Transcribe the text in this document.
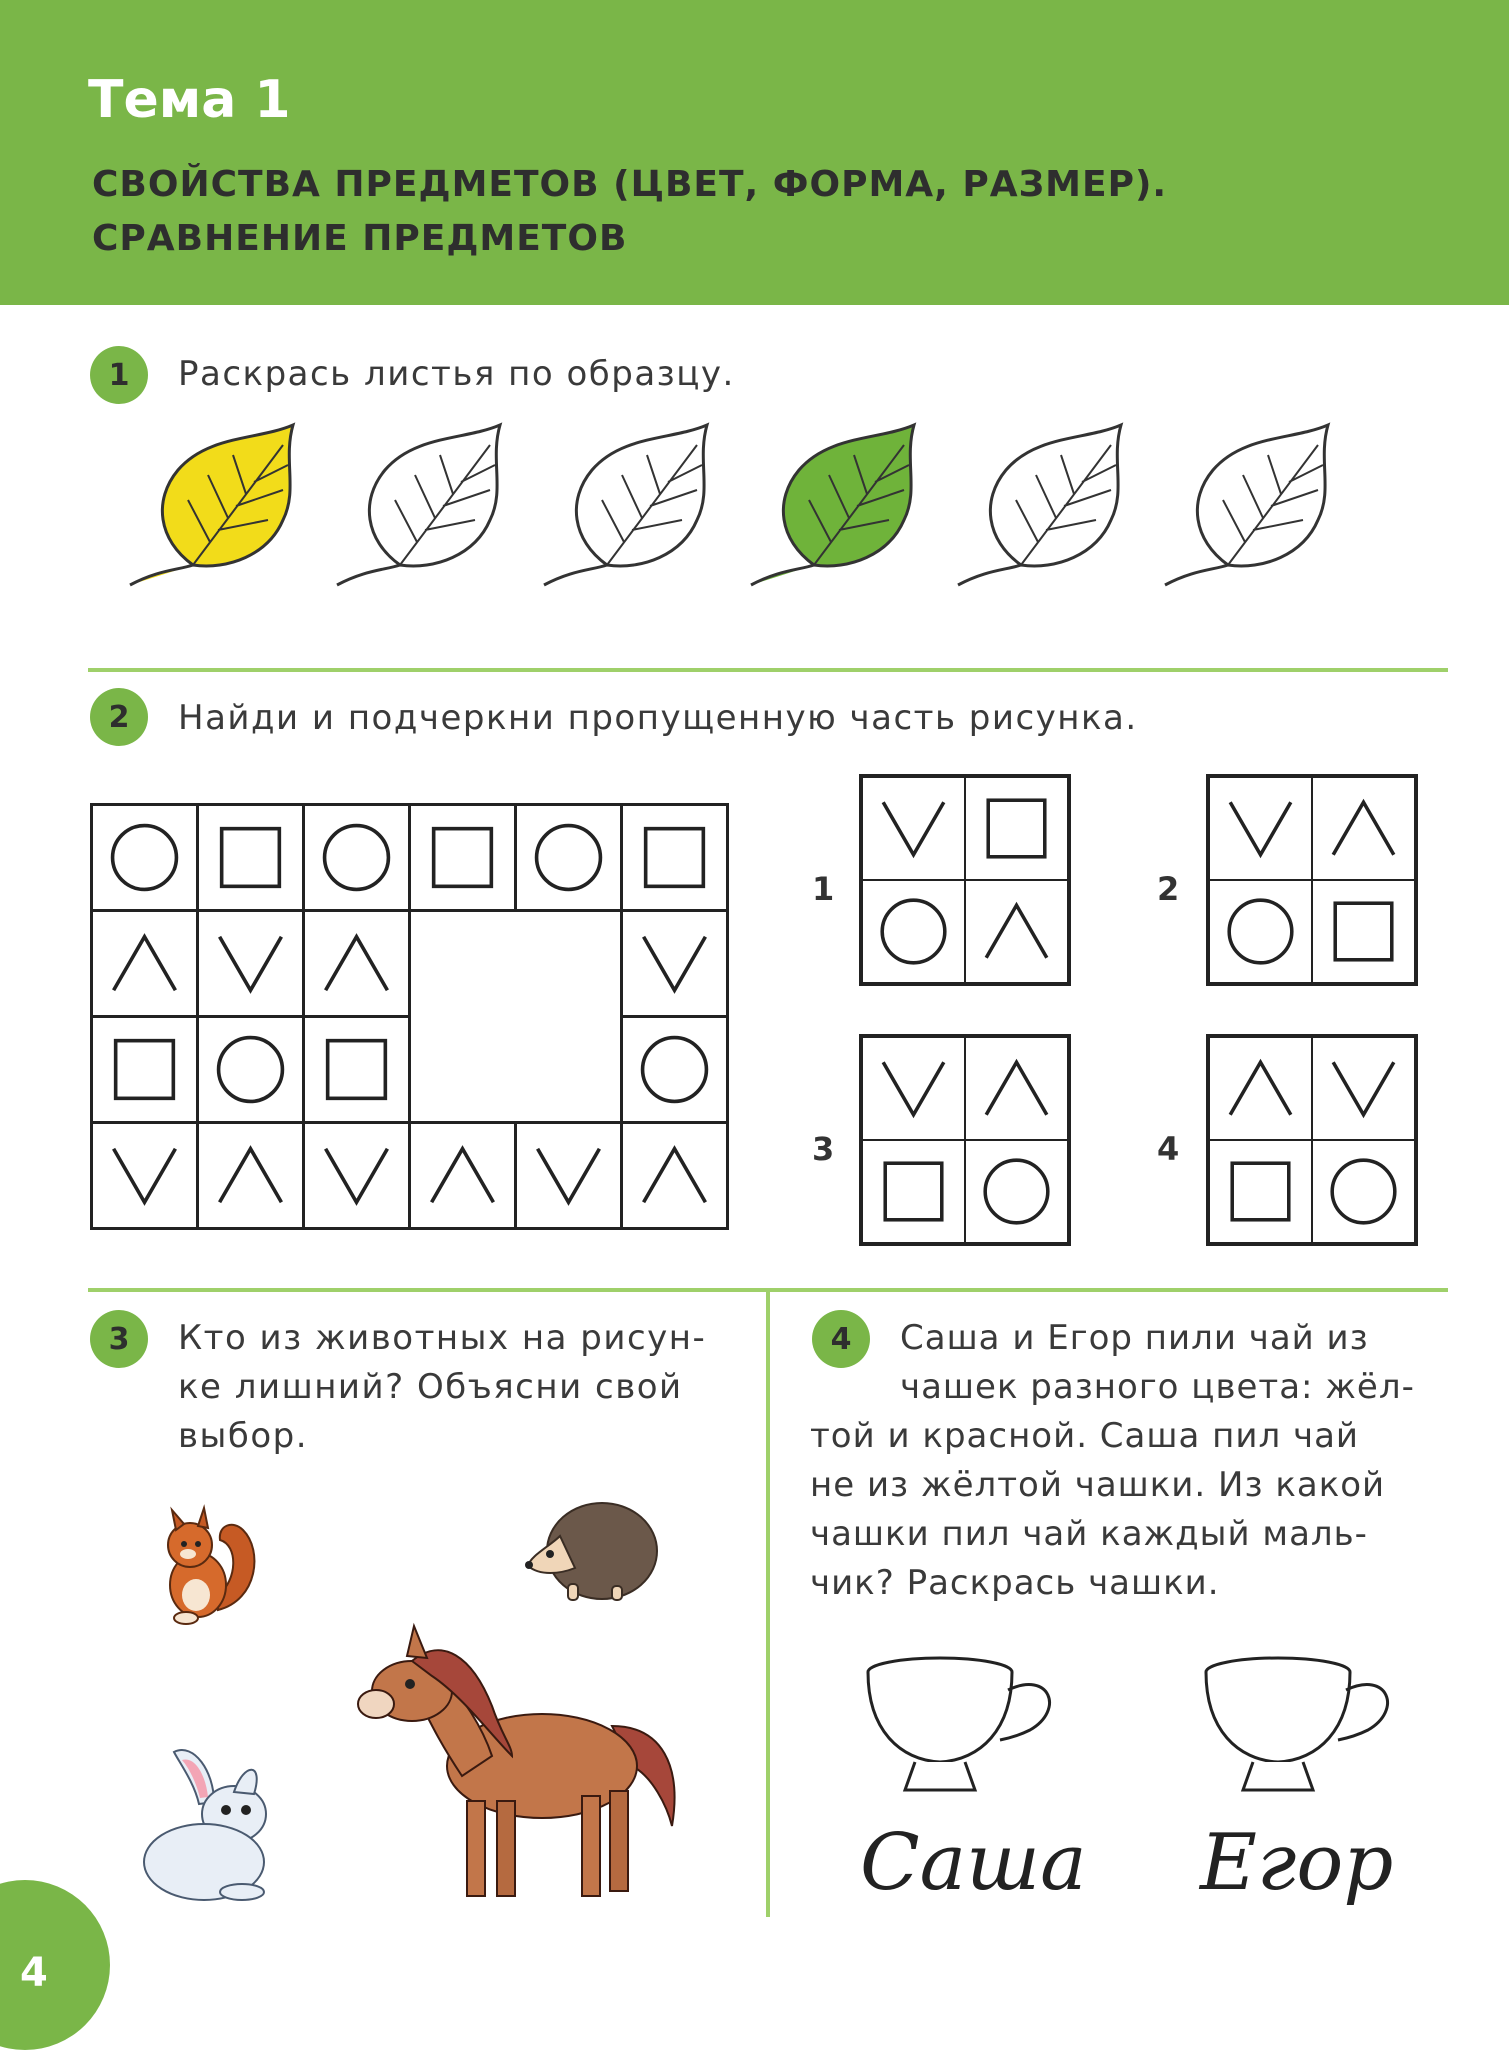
Тема 1
СВОЙСТВА ПРЕДМЕТОВ (ЦВЕТ, ФОРМА, РАЗМЕР).
СРАВНЕНИЕ ПРЕДМЕТОВ
1	Раскрась листья по образцу.
2	Найди и подчеркни пропущенную часть рисунка.

1	2
3	4
3	Кто из животных на рисун-
ке лишний? Объясни свой
выбор.
4	Саша и Егор пили чай из
чашек разного цвета: жёл-
той и красной. Саша пил чай
не из жёлтой чашки. Из какой
чашки пил чай каждый маль-
чик? Раскрась чашки.
Саша Егор
4
